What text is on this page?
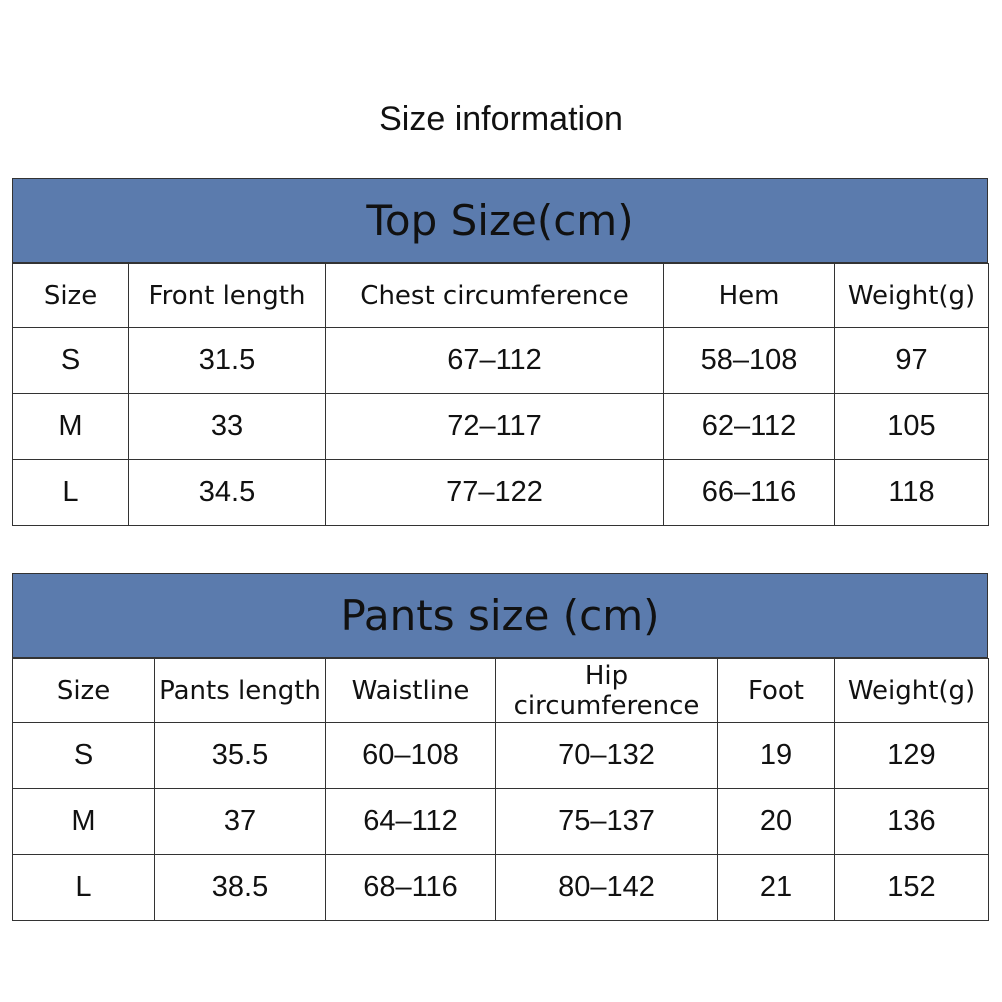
Size information
Top Size(cm)
Size	Front length	Chest circumference	Hem	Weight(g)
S	31.5	67–112	58–108	97
M	33	72–117	62–112	105
L	34.5	77–122	66–116	118
Pants size (cm)
Size	Pants length	Waistline	Hip circumference	Foot	Weight(g)
S	35.5	60–108	70–132	19	129
M	37	64–112	75–137	20	136
L	38.5	68–116	80–142	21	152
